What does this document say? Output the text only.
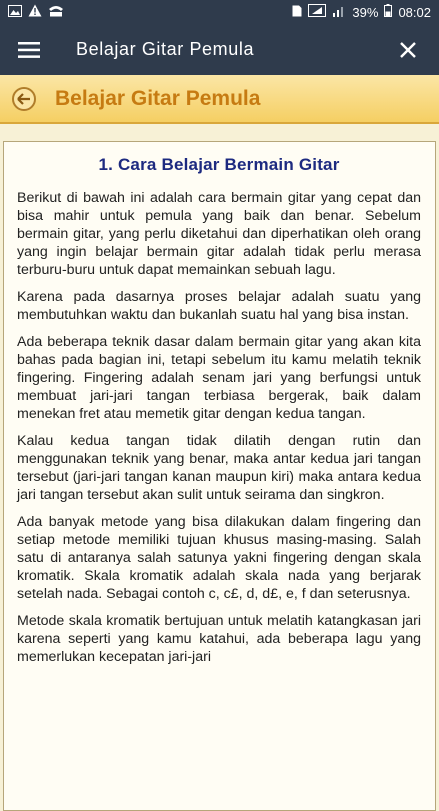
39% 08:02
Belajar Gitar Pemula
Belajar Gitar Pemula
1. Cara Belajar Bermain Gitar

Berikut di bawah ini adalah cara bermain gitar yang cepat dan bisa mahir untuk pemula yang baik dan benar. Sebelum bermain gitar, yang perlu diketahui dan diperhatikan oleh orang yang ingin belajar bermain gitar adalah tidak perlu merasa terburu-buru untuk dapat memainkan sebuah lagu.

Karena pada dasarnya proses belajar adalah suatu yang membutuhkan waktu dan bukanlah suatu hal yang bisa instan.

Ada beberapa teknik dasar dalam bermain gitar yang akan kita bahas pada bagian ini, tetapi sebelum itu kamu melatih teknik fingering. Fingering adalah senam jari yang berfungsi untuk membuat jari-jari tangan terbiasa bergerak, baik dalam menekan fret atau memetik gitar dengan kedua tangan.

Kalau kedua tangan tidak dilatih dengan rutin dan menggunakan teknik yang benar, maka antar kedua jari tangan tersebut (jari-jari tangan kanan maupun kiri) maka antara kedua jari tangan tersebut akan sulit untuk seirama dan singkron.

Ada banyak metode yang bisa dilakukan dalam fingering dan setiap metode memiliki tujuan khusus masing-masing. Salah satu di antaranya salah satunya yakni fingering dengan skala kromatik. Skala kromatik adalah skala nada yang berjarak setelah nada. Sebagai contoh c, c£, d, d£, e, f dan seterusnya.

Metode skala kromatik bertujuan untuk melatih katangkasan jari karena seperti yang kamu katahui, ada beberapa lagu yang memerlukan kecepatan jari-jari
